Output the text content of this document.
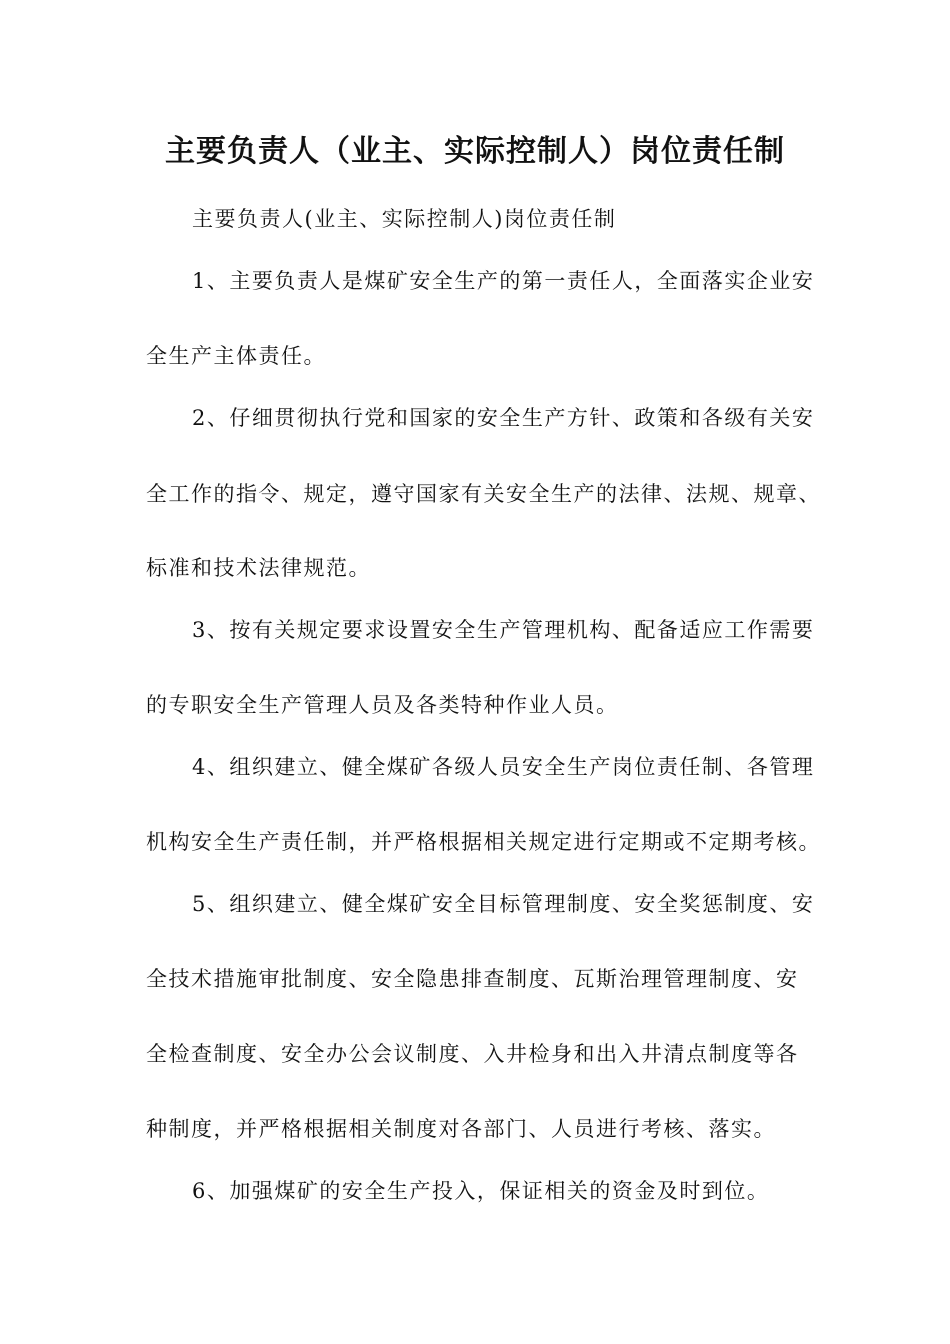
主要负责人（业主、实际控制人）岗位责任制
主要负责人(业主、实际控制人)岗位责任制
1、主要负责人是煤矿安全生产的第一责任人，全面落实企业安
全生产主体责任。
2、仔细贯彻执行党和国家的安全生产方针、政策和各级有关安
全工作的指令、规定，遵守国家有关安全生产的法律、法规、规章、
标准和技术法律规范。
3、按有关规定要求设置安全生产管理机构、配备适应工作需要
的专职安全生产管理人员及各类特种作业人员。
4、组织建立、健全煤矿各级人员安全生产岗位责任制、各管理
机构安全生产责任制，并严格根据相关规定进行定期或不定期考核。
5、组织建立、健全煤矿安全目标管理制度、安全奖惩制度、安
全技术措施审批制度、安全隐患排查制度、瓦斯治理管理制度、安
全检查制度、安全办公会议制度、入井检身和出入井清点制度等各
种制度，并严格根据相关制度对各部门、人员进行考核、落实。
6、加强煤矿的安全生产投入，保证相关的资金及时到位。
